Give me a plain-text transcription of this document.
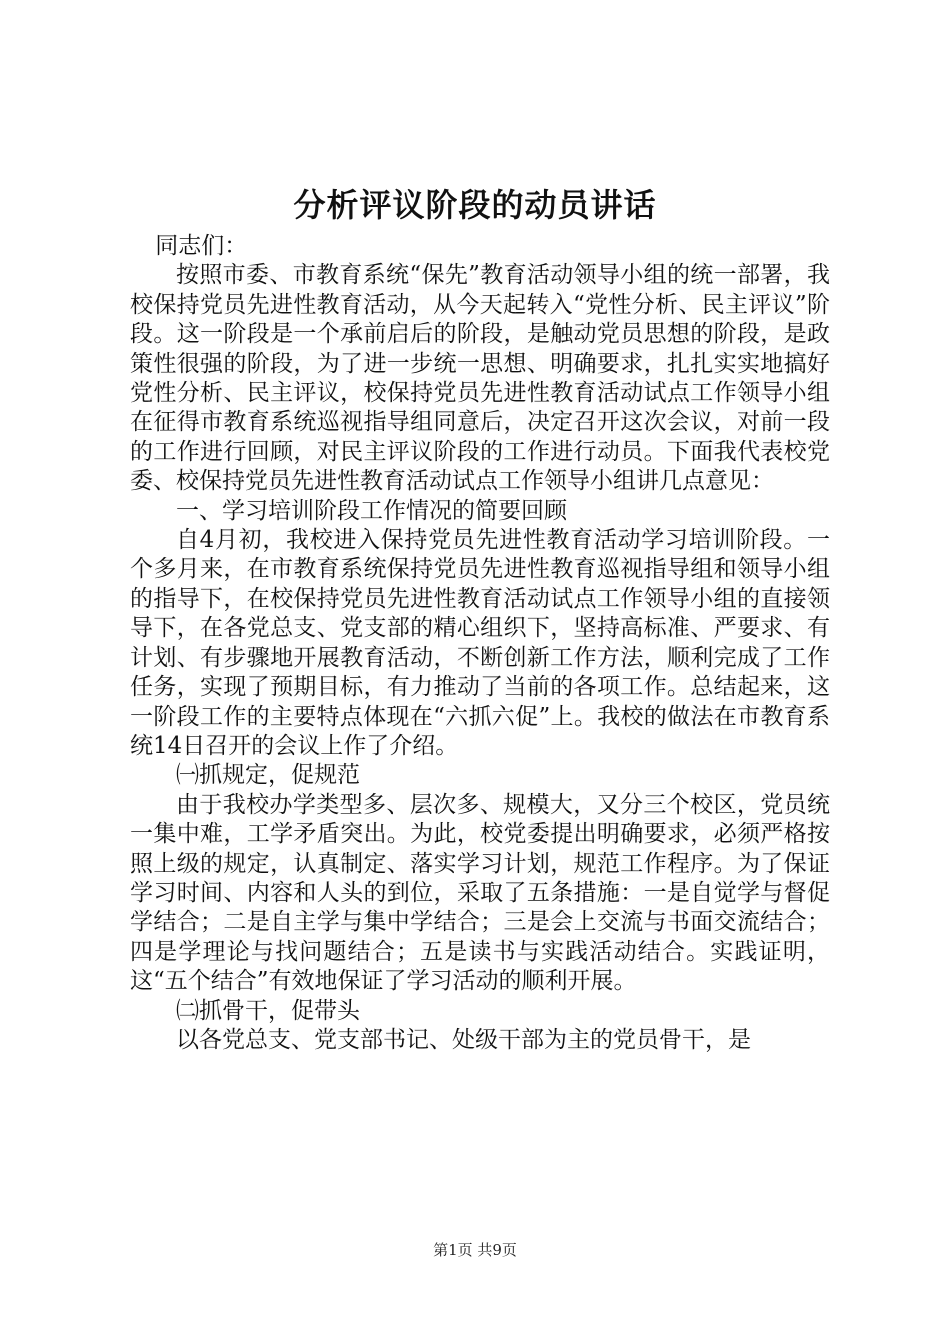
分析评议阶段的动员讲话

同志们：

按照市委、市教育系统“保先”教育活动领导小组的统一部署，我校保持党员先进性教育活动，从今天起转入“党性分析、民主评议”阶段。这一阶段是一个承前启后的阶段，是触动党员思想的阶段，是政策性很强的阶段，为了进一步统一思想、明确要求，扎扎实实地搞好党性分析、民主评议，校保持党员先进性教育活动试点工作领导小组在征得市教育系统巡视指导组同意后，决定召开这次会议，对前一段的工作进行回顾，对民主评议阶段的工作进行动员。下面我代表校党委、校保持党员先进性教育活动试点工作领导小组讲几点意见：

一、学习培训阶段工作情况的简要回顾

自4月初，我校进入保持党员先进性教育活动学习培训阶段。一个多月来，在市教育系统保持党员先进性教育巡视指导组和领导小组的指导下，在校保持党员先进性教育活动试点工作领导小组的直接领导下，在各党总支、党支部的精心组织下，坚持高标准、严要求、有计划、有步骤地开展教育活动，不断创新工作方法，顺利完成了工作任务，实现了预期目标，有力推动了当前的各项工作。总结起来，这一阶段工作的主要特点体现在“六抓六促”上。我校的做法在市教育系统14日召开的会议上作了介绍。

㈠抓规定，促规范

由于我校办学类型多、层次多、规模大，又分三个校区，党员统一集中难，工学矛盾突出。为此，校党委提出明确要求，必须严格按照上级的规定，认真制定、落实学习计划，规范工作程序。为了保证学习时间、内容和人头的到位，采取了五条措施：一是自觉学与督促学结合；二是自主学与集中学结合；三是会上交流与书面交流结合；四是学理论与找问题结合；五是读书与实践活动结合。实践证明，这“五个结合”有效地保证了学习活动的顺利开展。

㈡抓骨干，促带头

以各党总支、党支部书记、处级干部为主的党员骨干，是

第1页 共9页
